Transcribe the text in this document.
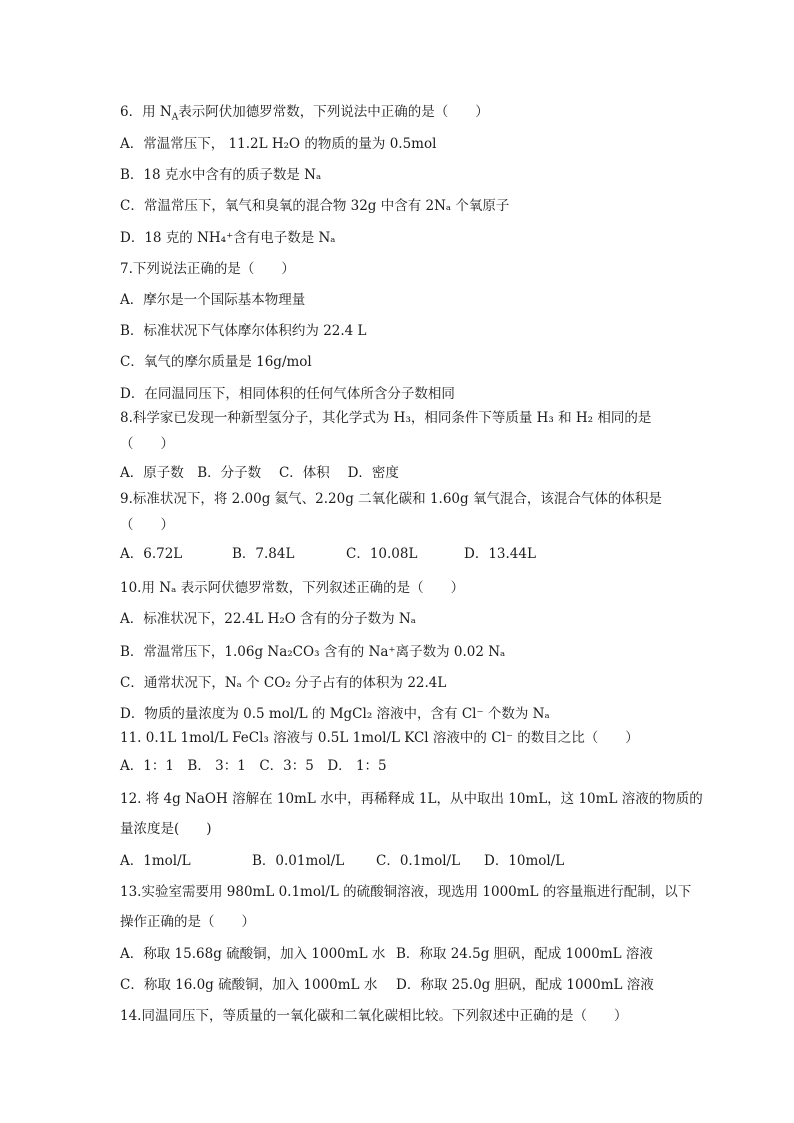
6．用 $N_A$表示阿伏加德罗常数，下列说法中正确的是（　　）
A．常温常压下， 11.2L H₂O 的物质的量为 0.5mol
B．18 克水中含有的质子数是 Nₐ
C．常温常压下，氧气和臭氧的混合物 32g 中含有 2Nₐ 个氧原子
D．18 克的 NH₄⁺含有电子数是 Nₐ
7.下列说法正确的是（　　）
A．摩尔是一个国际基本物理量
B．标准状况下气体摩尔体积约为 22.4 L
C．氧气的摩尔质量是 16g/mol
D．在同温同压下，相同体积的任何气体所含分子数相同
8.科学家已发现一种新型氢分子，其化学式为 H₃，相同条件下等质量 H₃ 和 H₂ 相同的是
（　　）
A．原子数　B．分子数　 C．体积　 D．密度
9.标准状况下，将 2.00g 氦气、2.20g 二氧化碳和 1.60g 氧气混合，该混合气体的体积是
（　　）
A．6.72L	B．7.84L	C．10.08L	D．13.44L
10.用 Nₐ 表示阿伏德罗常数，下列叙述正确的是（　　）
A．标准状况下，22.4L H₂O 含有的分子数为 Nₐ
B．常温常压下，1.06g Na₂CO₃ 含有的 Na⁺离子数为 0.02 Nₐ
C．通常状况下，Nₐ 个 CO₂ 分子占有的体积为 22.4L
D．物质的量浓度为 0.5 mol/L 的 MgCl₂ 溶液中，含有 Cl⁻ 个数为 Nₐ
11. 0.1L 1mol/L FeCl₃ 溶液与 0.5L 1mol/L KCl 溶液中的 Cl⁻ 的数目之比（　　）
A．1：1　B． 3：1　C．3：5　D． 1：5
12. 将 4g NaOH 溶解在 10mL 水中，再稀释成 1L，从中取出 10mL，这 10mL 溶液的物质的
量浓度是(　　)
A．1mol/L	B．0.01mol/L C．0.1mol/L D．10mol/L
13.实验室需要用 980mL 0.1mol/L 的硫酸铜溶液，现选用 1000mL 的容量瓶进行配制，以下
操作正确的是（　　）
A．称取 15.68g 硫酸铜，加入 1000mL 水 B．称取 24.5g 胆矾，配成 1000mL 溶液
C．称取 16.0g 硫酸铜，加入 1000mL 水 D．称取 25.0g 胆矾，配成 1000mL 溶液
14.同温同压下，等质量的一氧化碳和二氧化碳相比较。下列叙述中正确的是（　　）
